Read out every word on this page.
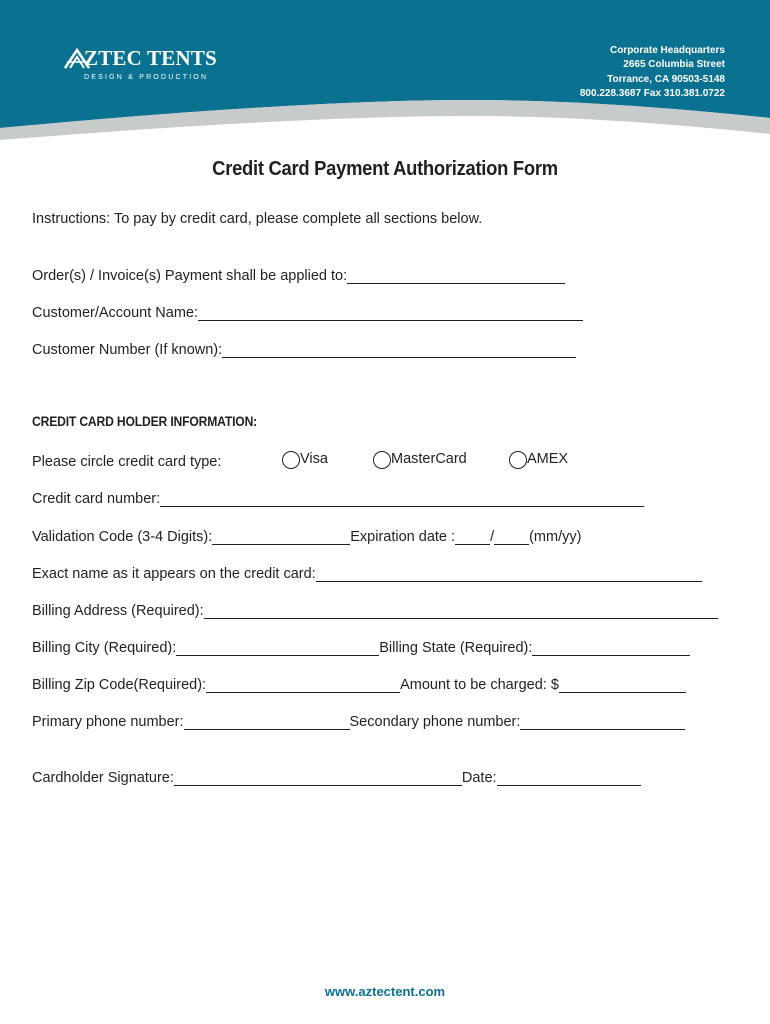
ZTEC TENTS
DESIGN & PRODUCTION
Corporate Headquarters
2665 Columbia Street
Torrance, CA 90503-5148
800.228.3687 Fax 310.381.0722
Credit Card Payment Authorization Form
Instructions: To pay by credit card, please complete all sections below.
Order(s) / Invoice(s) Payment shall be applied to:
Customer/Account Name:
Customer Number (If known):
CREDIT CARD HOLDER INFORMATION:
Please circle credit card type:	Visa	MasterCard	AMEX
Credit card number:
Validation Code (3-4 Digits):	Expiration date : / (mm/yy)
Exact name as it appears on the credit card:
Billing Address (Required):
Billing City (Required):	Billing State (Required):
Billing Zip Code(Required):	Amount to be charged: $
Primary phone number:	Secondary phone number:
Cardholder Signature:	Date:
www.aztectent.com
